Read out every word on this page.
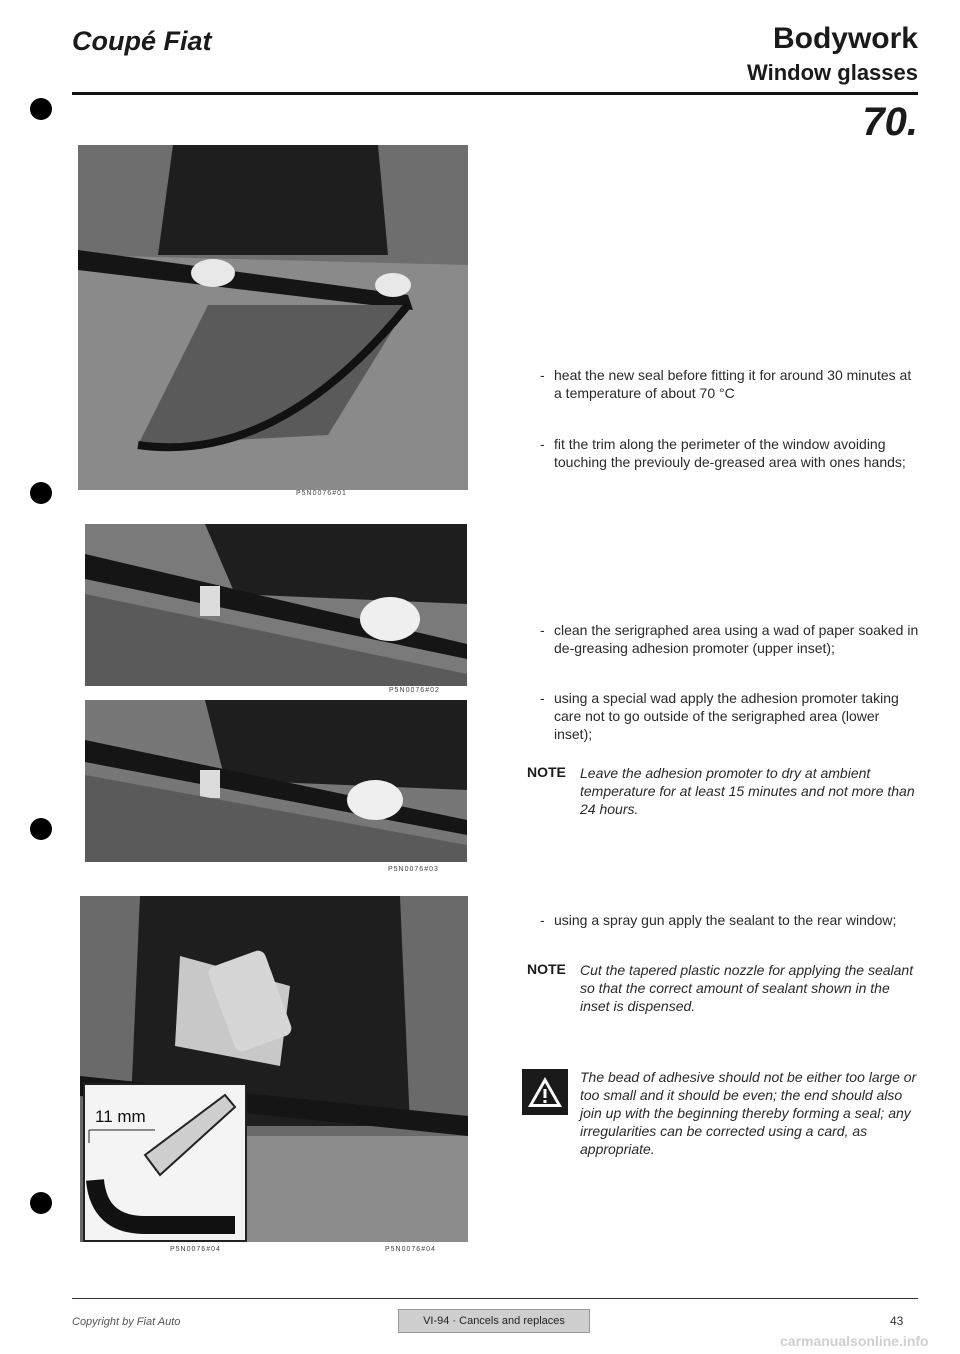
Coupé Fiat	Bodywork
Window glasses
70.
P5N0076#01
P5N0076#02
P5N0076#03
11 mm
P5N0076#04	P5N0076#04
- heat the new seal before fitting it for around 30 minutes at a temperature of about 70 °C
- fit the trim along the perimeter of the window avoiding touching the previouly de-greased area with ones hands;
- clean the serigraphed area using a wad of paper soaked in de-greasing adhesion promoter (upper inset);
- using a special wad apply the adhesion promoter taking care not to go outside of the serigraphed area (lower inset);
NOTE Leave the adhesion promoter to dry at ambient temperature for at least 15 minutes and not more than 24 hours.
- using a spray gun apply the sealant to the rear window;
NOTE Cut the tapered plastic nozzle for applying the sealant so that the correct amount of sealant shown in the inset is dispensed.
The bead of adhesive should not be either too large or too small and it should be even; the end should also join up with the beginning thereby forming a seal; any irregularities can be corrected using a card, as appropriate.
Copyright by Fiat Auto	VI-94 · Cancels and replaces	43
carmanualsonline.info
